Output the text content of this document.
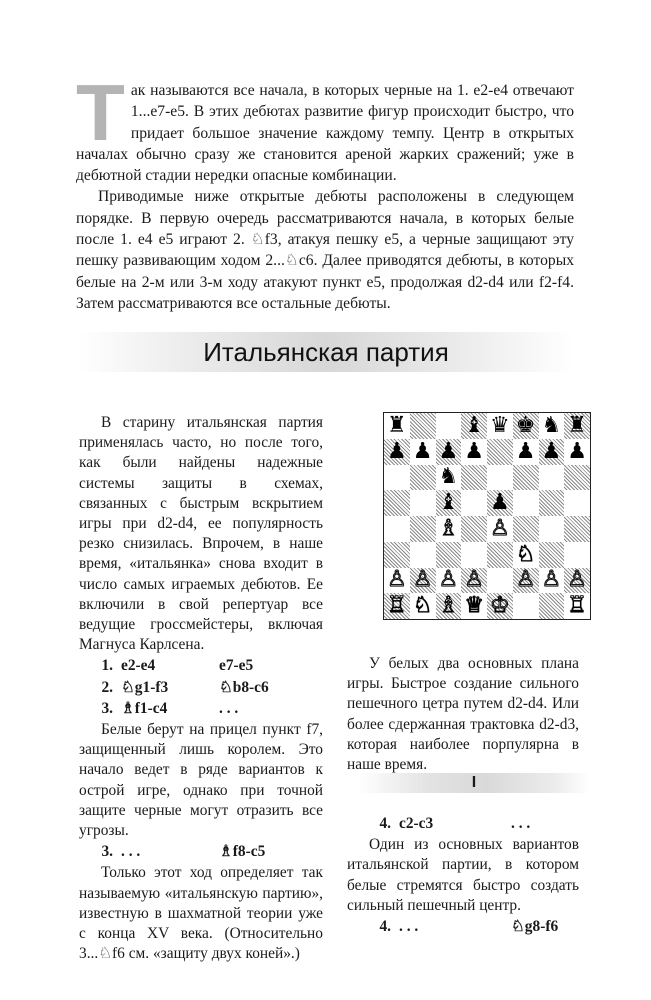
Так называются все начала, в которых черные на 1. e2-e4 отвечают 1...e7-e5. В этих дебютах развитие фигур происходит быстро, что придает большое значение каждому темпу. Центр в открытых началах обычно сразу же становится ареной жарких сражений; уже в дебютной стадии нередки опасные комбинации.

Приводимые ниже открытые дебюты расположены в следующем порядке. В первую очередь рассматриваются начала, в которых белые после 1. e4 e5 играют 2. ♘f3, атакуя пешку e5, а черные защищают эту пешку развивающим ходом 2...♘c6. Далее приводятся дебюты, в которых белые на 2-м или 3-м ходу атакуют пункт e5, продолжая d2-d4 или f2-f4. Затем рассматриваются все остальные дебюты.

Итальянская партия

В старину итальянская партия применялась часто, но после того, как были найдены надежные системы защиты в схемах, связанных с быстрым вскрытием игры при d2-d4, ее популярность резко снизилась. Впрочем, в наше время, «итальянка» снова входит в число самых играемых дебютов. Ее включили в свой репертуар все ведущие гроссмейстеры, включая Магнуса Карлсена.

1. e2-e4	e7-e5
2. ♘g1-f3	♘b8-c6
3. ♗f1-c4	. . .

Белые берут на прицел пункт f7, защищенный лишь королем. Это начало ведет в ряде вариантов к острой игре, однако при точной защите черные могут отразить все угрозы.

3. . . .	♗f8-c5

Только этот ход определяет так называемую «итальянскую партию», известную в шахматной теории уже с конца XV века. (Относительно 3...♘f6 см. «защиту двух коней».)

♜	♝ ♛ ♚ ♞ ♜
♟ ♟ ♟ ♟ ♟ ♟ ♟
♞
♝ ♟
♗ ♙
♘
♙ ♙ ♙ ♙ ♙ ♙ ♙
♖ ♘ ♗ ♕ ♔	♖

У белых два основных плана игры. Быстрое создание сильного пешечного цетра путем d2-d4. Или более сдержанная трактовка d2-d3, которая наиболее порпулярна в наше время.

I
4. c2-c3	. . .

Один из основных вариантов итальянской партии, в котором белые стремятся быстро создать сильный пешечный центр.

4. . . .	♘g8-f6
